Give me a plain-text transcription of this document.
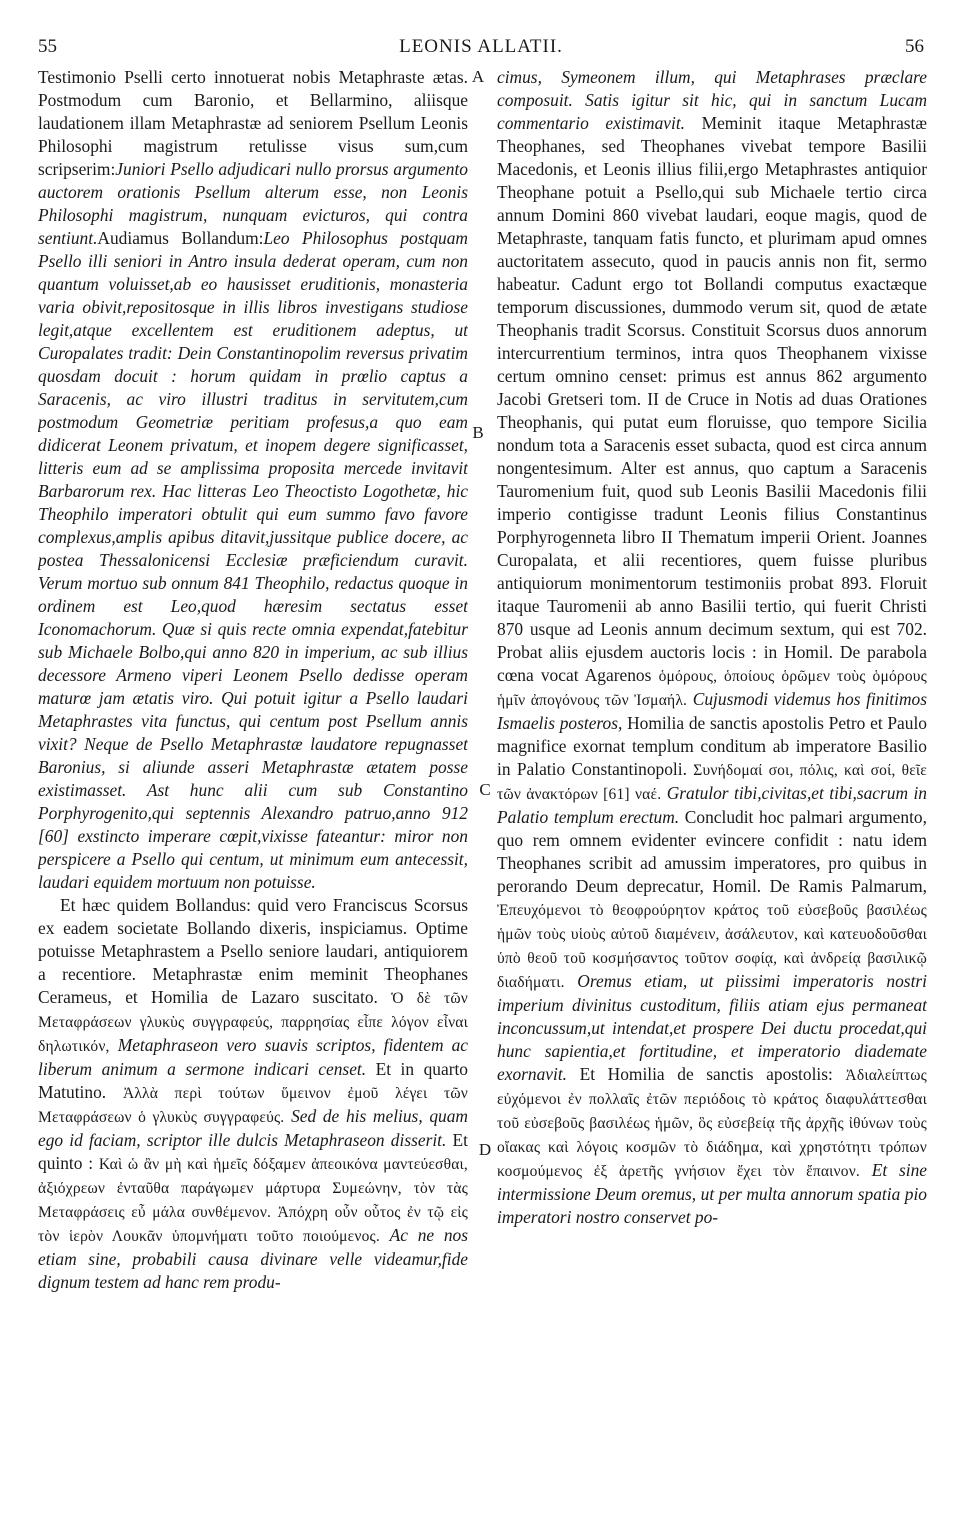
55	LEONIS ALLATII.	56
A
B
C
D

Testimonio Pselli certo innotuerat nobis Metaphraste ætas. Postmodum cum Baronio, et Bellarmino, aliisque laudationem illam Metaphrastæ ad seniorem Psellum Leonis Philosophi magistrum retulisse visus sum,cum scripserim:Juniori Psello adjudicari nullo prorsus argumento auctorem orationis Psellum alterum esse, non Leonis Philosophi magistrum, nunquam evicturos, qui contra sentiunt.Audiamus Bollandum:Leo Philosophus postquam Psello illi seniori in Antro insula dederat operam, cum non quantum voluisset,ab eo hausisset eruditionis, monasteria varia obivit,repositosque in illis libros investigans studiose legit,atque excellentem est eruditionem adeptus, ut Curopalates tradit: Dein Constantinopolim reversus privatim quosdam docuit : horum quidam in prœlio captus a Saracenis, ac viro illustri traditus in servitutem,cum postmodum Geometriæ peritiam profesus,a quo eam didicerat Leonem privatum, et inopem degere significasset, litteris eum ad se amplissima proposita mercede invitavit Barbarorum rex. Hac litteras Leo Theoctisto Logothetæ, hic Theophilo imperatori obtulit qui eum summo favo favore complexus,amplis apibus ditavit,jussitque publice docere, ac postea Thessalonicensi Ecclesiæ præficiendum curavit. Verum mortuo sub onnum 841 Theophilo, redactus quoque in ordinem est Leo,quod hæresim sectatus esset Iconomachorum. Quæ si quis recte omnia expendat,fatebitur sub Michaele Bolbo,qui anno 820 in imperium, ac sub illius decessore Armeno viperi Leonem Psello dedisse operam maturœ jam ætatis viro. Qui potuit igitur a Psello laudari Metaphrastes vita functus, qui centum post Psellum annis vixit? Neque de Psello Metaphrastæ laudatore repugnasset Baronius, si aliunde asseri Metaphrastæ ætatem posse existimasset. Ast hunc alii cum sub Constantino Porphyrogenito,qui septennis Alexandro patruo,anno 912 [60] exstincto imperare cœpit,vixisse fateantur: miror non perspicere a Psello qui centum, ut minimum eum antecessit, laudari equidem mortuum non potuisse.

Et hæc quidem Bollandus: quid vero Franciscus Scorsus ex eadem societate Bollando dixeris, inspiciamus. Optime potuisse Metaphrastem a Psello seniore laudari, antiquiorem a recentiore. Metaphrastæ enim meminit Theophanes Cerameus, et Homilia de Lazaro suscitato. Ὁ δὲ τῶν Μεταφράσεων γλυκὺς συγγραφεύς, παρρησίας εἶπε λόγον εἶναι δηλωτικόν, Metaphraseon vero suavis scriptos, fidentem ac liberum animum a sermone indicari censet. Et in quarto Matutino. Ἀλλὰ περὶ τούτων ὕμεινον ἐμοῦ λέγει τῶν Μεταφράσεων ὁ γλυκὺς συγγραφεύς. Sed de his melius, quam ego id faciam, scriptor ille dulcis Metaphraseon disserit. Et quinto : Καὶ ὡ ἂν μὴ καὶ ἡμεῖς δόξαμεν ἀπεοικόνα μαντεύεσθαι, ἀξιόχρεων ἐνταῦθα παράγωμεν μάρτυρα Συμεώνην, τὸν τὰς Μεταφράσεις εὖ μάλα συνθέμενον. Ἀπόχρη οὖν οὗτος ἐν τῷ εἰς τὸν ἱερὸν Λουκᾶν ὑπομνήματι τοῦτο ποιούμενος. Ac ne nos etiam sine, probabili causa divinare velle videamur,fide dignum testem ad hanc rem produ-

cimus, Symeonem illum, qui Metaphrases præclare composuit. Satis igitur sit hic, qui in sanctum Lucam commentario existimavit. Meminit itaque Metaphrastæ Theophanes, sed Theophanes vivebat tempore Basilii Macedonis, et Leonis illius filii,ergo Metaphrastes antiquior Theophane potuit a Psello,qui sub Michaele tertio circa annum Domini 860 vivebat laudari, eoque magis, quod de Metaphraste, tanquam fatis functo, et plurimam apud omnes auctoritatem assecuto, quod in paucis annis non fit, sermo habeatur. Cadunt ergo tot Bollandi computus exactæque temporum discussiones, dummodo verum sit, quod de ætate Theophanis tradit Scorsus. Constituit Scorsus duos annorum intercurrentium terminos, intra quos Theophanem vixisse certum omnino censet: primus est annus 862 argumento Jacobi Gretseri tom. II de Cruce in Notis ad duas Orationes Theophanis, qui putat eum floruisse, quo tempore Sicilia nondum tota a Saracenis esset subacta, quod est circa annum nongentesimum. Alter est annus, quo captum a Saracenis Tauromenium fuit, quod sub Leonis Basilii Macedonis filii imperio contigisse tradunt Leonis filius Constantinus Porphyrogenneta libro II Thematum imperii Orient. Joannes Curopalata, et alii recentiores, quem fuisse pluribus antiquiorum monimentorum testimoniis probat 893. Floruit itaque Tauromenii ab anno Basilii tertio, qui fuerit Christi 870 usque ad Leonis annum decimum sextum, qui est 702. Probat aliis ejusdem auctoris locis : in Homil. De parabola cœna vocat Agarenos ὁμόρους, ὁποίους ὁρῶμεν τοὺς ὁμόρους ἡμῖν ἀπογόνους τῶν Ἰσμαήλ. Cujusmodi videmus hos finitimos Ismaelis posteros, Homilia de sanctis apostolis Petro et Paulo magnifice exornat templum conditum ab imperatore Basilio in Palatio Constantinopoli. Συνήδομαί σοι, πόλις, καὶ σοί, θεῖε τῶν ἀνακτόρων [61] ναέ. Gratulor tibi,civitas,et tibi,sacrum in Palatio templum erectum. Concludit hoc palmari argumento, quo rem omnem evidenter evincere confidit : natu idem Theophanes scribit ad amussim imperatores, pro quibus in perorando Deum deprecatur, Homil. De Ramis Palmarum, Ἐπευχόμενοι τὸ θεοφρούρητον κράτος τοῦ εὐσεβοῦς βασιλέως ἡμῶν τοὺς υἱοὺς αὐτοῦ διαμένειν, ἀσάλευτον, καὶ κατευοδοῦσθαι ὑπὸ θεοῦ τοῦ κοσμήσαντος τοῦτον σοφίᾳ, καὶ ἀνδρείᾳ βασιλικῷ διαδήματι. Oremus etiam, ut piissimi imperatoris nostri imperium divinitus custoditum, filiis atiam ejus permaneat inconcussum,ut intendat,et prospere Dei ductu procedat,qui hunc sapientia,et fortitudine, et imperatorio diademate exornavit. Et Homilia de sanctis apostolis: Ἀδιαλείπτως εὐχόμενοι ἐν πολλαῖς ἐτῶν περιόδοις τὸ κράτος διαφυλάττεσθαι τοῦ εὐσεβοῦς βασιλέως ἡμῶν, ὃς εὐσεβείᾳ τῆς ἀρχῆς ἰθύνων τοὺς οἴακας καὶ λόγοις κοσμῶν τὸ διάδημα, καὶ χρηστότητι τρόπων κοσμούμενος ἐξ ἀρετῆς γνήσιον ἔχει τὸν ἔπαινον. Et sine intermissione Deum oremus, ut per multa annorum spatia pio imperatori nostro conservet po-
